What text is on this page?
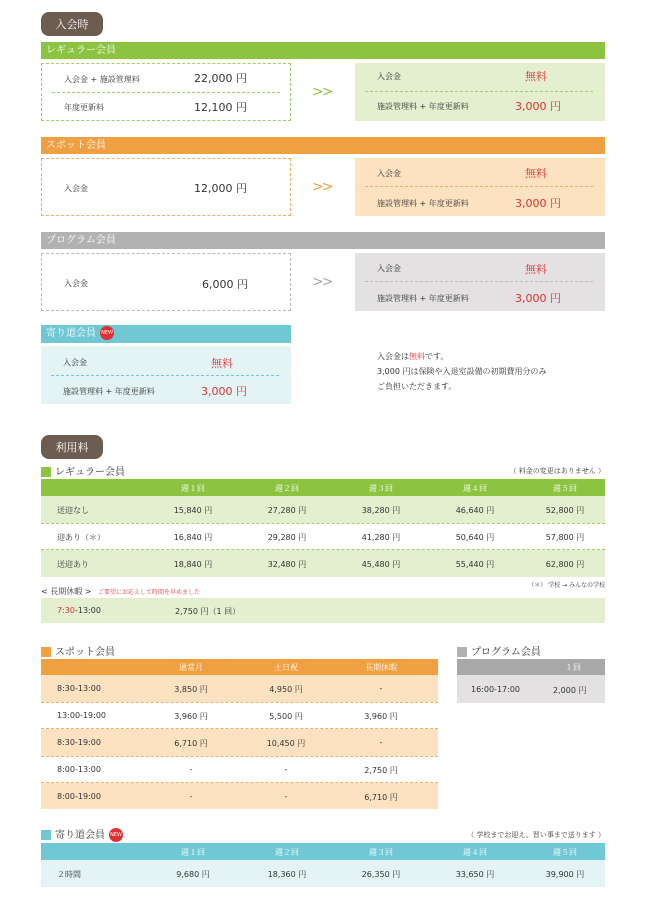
入会時
レギュラー会員
入会金 + 施設管理料	22,000 円
年度更新料	12,100 円
>>
入会金	無料
施設管理料 + 年度更新料	3,000 円
スポット会員
入会金	12,000 円	>>
入会金	無料
施設管理料 + 年度更新料	3,000 円
プログラム会員
入会金	6,000 円	>>
入会金	無料
施設管理料 + 年度更新料	3,000 円
寄り道会員 NEW
入会金	無料
施設管理料 + 年度更新料	3,000 円
入会金は無料です。
3,000 円は保険や入退室設備の初期費用分のみ
ご負担いただきます。
利用料
レギュラー会員	（ 料金の変更はありません ）
週１回	週２回	週３回	週４回	週５回
送迎なし	15,840 円	27,280 円	38,280 円	46,640 円	52,800 円
迎あり（＊）	16,840 円	29,280 円	41,280 円	50,640 円	57,800 円
送迎あり	18,840 円	32,480 円	45,480 円	55,440 円	62,800 円
（＊） 学校 → みんなの学校
< 長期休暇 > ご要望にお応えして時間を早めました
7:30-13:00	2,750 円（1 回）
スポット会員
通常月	土日祝	長期休暇
8:30-13:00	3,850 円	4,950 円	-
13:00-19:00	3,960 円	5,500 円	3,960 円
8:30-19:00	6,710 円	10,450 円	-
8:00-13:00	-	-	2,750 円
8:00-19:00	-	-	6,710 円
プログラム会員
１回
16:00-17:00	2,000 円
寄り道会員 NEW	（ 学校までお迎え、習い事まで送ります ）
週１回	週２回	週３回	週４回	週５回
２時間	9,680 円	18,360 円	26,350 円	33,650 円	39,900 円
